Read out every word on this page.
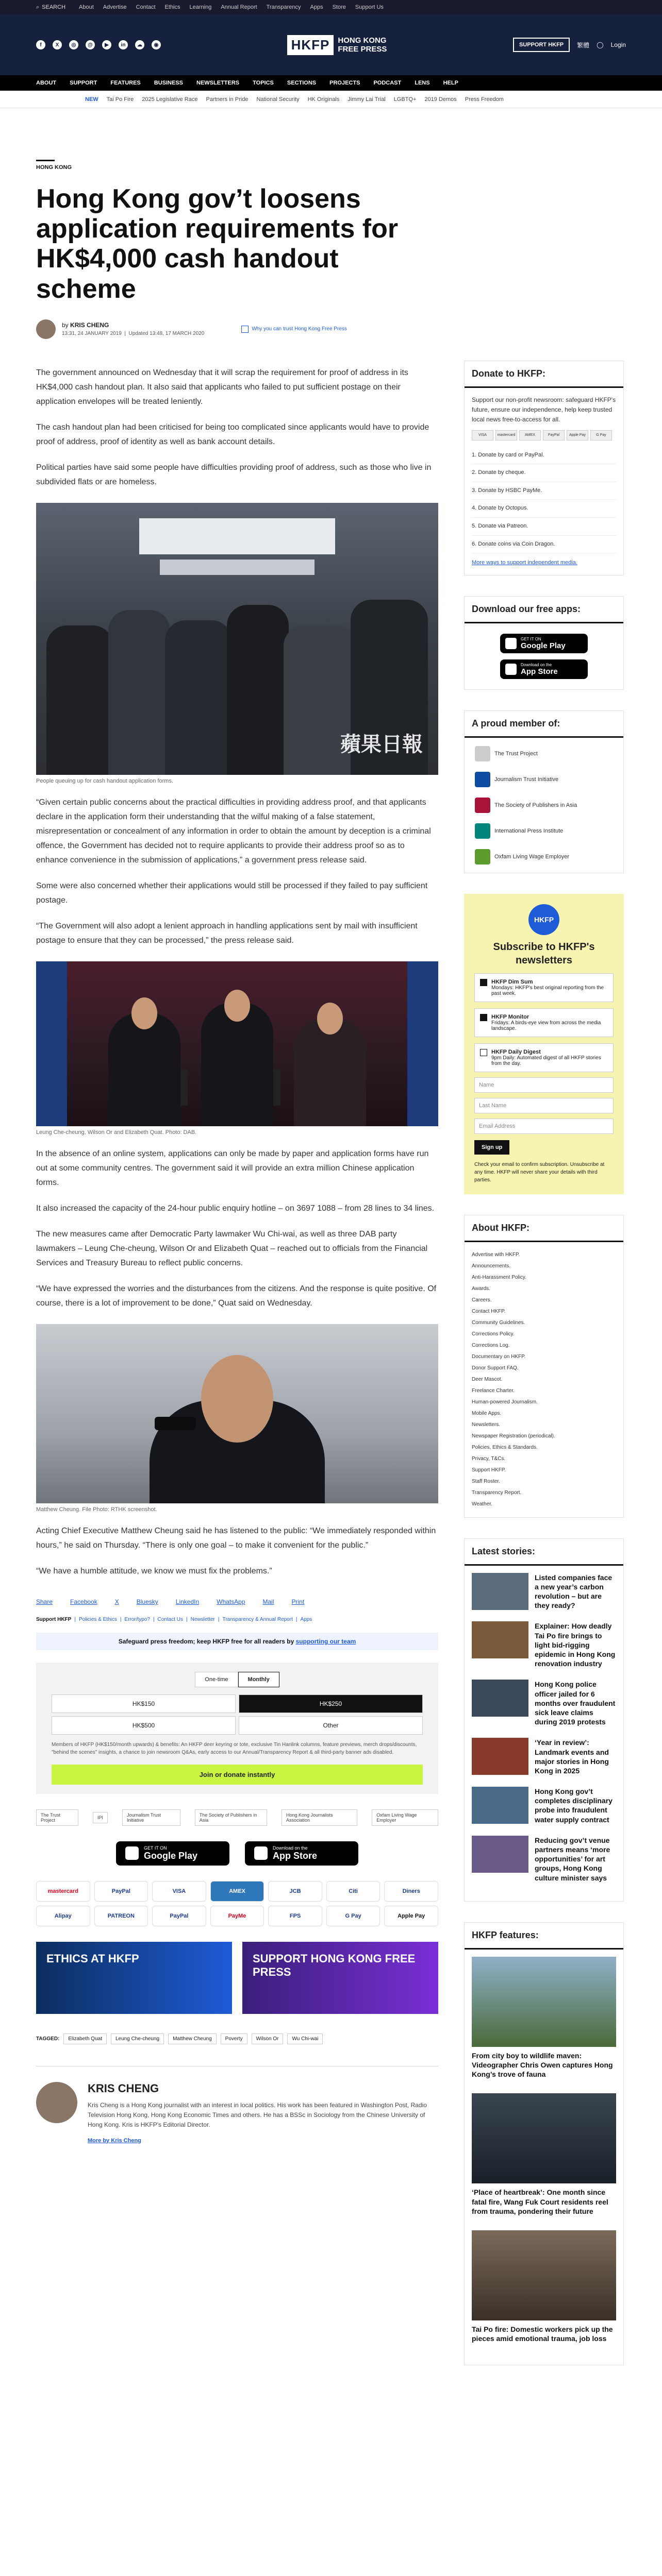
⌕ SEARCH About Advertise Contact Ethics Learning Annual Report Transparency Apps Store Support Us
f	X	◎	@	▶	in	☁	◉	HKFP	HONG KONG
FREE PRESS	SUPPORT HKFP	繁體 ◯ Login
ABOUT SUPPORT FEATURES BUSINESS NEWSLETTERS TOPICS SECTIONS PROJECTS PODCAST LENS HELP
NEW Tai Po Fire 2025 Legislative Race Partners in Pride National Security HK Originals Jimmy Lai Trial LGBTQ+ 2019 Demos Press Freedom
HONG KONG
Hong Kong gov’t loosens application requirements for HK$4,000 cash handout scheme
by KRIS CHENG
13:31, 24 JANUARY 2019  |  Updated 13:48, 17 MARCH 2020
Why you can trust Hong Kong Free Press

The government announced on Wednesday that it will scrap the requirement for proof of address in its HK$4,000 cash handout plan. It also said that applicants who failed to put sufficient postage on their application envelopes will be treated leniently.

The cash handout plan had been criticised for being too complicated since applicants would have to provide proof of address, proof of identity as well as bank account details.

Political parties have said some people have difficulties providing proof of address, such as those who live in subdivided flats or are homeless.

蘋果日報
People queuing up for cash handout application forms.

“Given certain public concerns about the practical difficulties in providing address proof, and that applicants declare in the application form their understanding that the wilful making of a false statement, misrepresentation or concealment of any information in order to obtain the amount by deception is a criminal offence, the Government has decided not to require applicants to provide their address proof so as to enhance convenience in the submission of applications,” a government press release said.

Some were also concerned whether their applications would still be processed if they failed to pay sufficient postage.

“The Government will also adopt a lenient approach in handling applications sent by mail with insufficient postage to ensure that they can be processed,” the press release said.

Leung Che-cheung, Wilson Or and Elizabeth Quat. Photo: DAB.

In the absence of an online system, applications can only be made by paper and application forms have run out at some community centres. The government said it will provide an extra million Chinese application forms.

It also increased the capacity of the 24-hour public enquiry hotline – on 3697 1088 – from 28 lines to 34 lines.

The new measures came after Democratic Party lawmaker Wu Chi-wai, as well as three DAB party lawmakers – Leung Che-cheung, Wilson Or and Elizabeth Quat – reached out to officials from the Financial Services and Treasury Bureau to reflect public concerns.

“We have expressed the worries and the disturbances from the citizens. And the response is quite positive. Of course, there is a lot of improvement to be done,” Quat said on Wednesday.

Matthew Cheung. File Photo: RTHK screenshot.

Acting Chief Executive Matthew Cheung said he has listened to the public: “We immediately responded within hours,” he said on Thursday. “There is only one goal – to make it convenient for the public.”

“We have a humble attitude, we know we must fix the problems.”

Share	Facebook	X	Bluesky	LinkedIn	WhatsApp	Mail	Print
Support HKFP | Policies & Ethics | Error/typo? | Contact Us | Newsletter | Transparency & Annual Report | Apps
Safeguard press freedom; keep HKFP free for all readers by supporting our team
One-time	Monthly
HK$150	HK$250
HK$500	Other
Members of HKFP (HK$150/month upwards) & benefits: An HKFP deer keyring or tote, exclusive Tin Hanlink columns, feature previews, merch drops/discounts, "behind the scenes" insights, a chance to join newsroom Q&As, early access to our Annual/Transparency Report & all third-party banner ads disabled.
Join or donate instantly
The Trust Project	IPI	Journalism Trust Initiative
The Society of Publishers in Asia
Hong Kong Journalists Association
Oxfam Living Wage Employer
GET IT ON
Google Play
Download on the
App Store
mastercard	PayPal	VISA	AMEX	JCB	Citi	Diners
Alipay	PATREON	PayPal	PayMe	FPS	G Pay	Apple Pay
ETHICS AT HKFP	SUPPORT HONG KONG FREE PRESS
TAGGED:	Elizabeth Quat	Leung Che-cheung	Matthew Cheung	Poverty	Wilson Or	Wu Chi-wai
KRIS CHENG

Kris Cheng is a Hong Kong journalist with an interest in local politics. His work has been featured in Washington Post, Radio Television Hong Kong, Hong Kong Economic Times and others. He has a BSSc in Sociology from the Chinese University of Hong Kong. Kris is HKFP's Editorial Director.

More by Kris Cheng
Donate to HKFP:
Support our non-profit newsroom: safeguard HKFP's future, ensure our independence, help keep trusted local news free-to-access for all.
VISA	mastercard	AMEX	PayPal	Apple Pay	G Pay
1. Donate by card or PayPal.
2. Donate by cheque.
3. Donate by HSBC PayMe.
4. Donate by Octopus.
5. Donate via Patreon.
6. Donate coins via Coin Dragon.
More ways to support independent media.
Download our free apps:
GET IT ON
Google Play
Download on the
App Store
A proud member of:
The Trust Project
Journalism Trust Initiative
The Society of Publishers in Asia
International Press Institute
Oxfam Living Wage Employer
HKFP
Subscribe to HKFP's newsletters
HKFP Dim Sum
Mondays: HKFP's best original reporting from the past week.
HKFP Monitor
Fridays: A birds-eye view from across the media landscape.
HKFP Daily Digest
9pm Daily: Automated digest of all HKFP stories from the day.
Name
Last Name
Email Address
Sign up
Check your email to confirm subscription. Unsubscribe at any time. HKFP will never share your details with third parties.
About HKFP:
Advertise with HKFP.
Announcements.
Anti-Harassment Policy.
Awards.
Careers.
Contact HKFP.
Community Guidelines.
Corrections Policy.
Corrections Log.
Documentary on HKFP.
Donor Support FAQ.
Deer Mascot.
Freelance Charter.
Human-powered Journalism.
Mobile Apps.
Newsletters.
Newspaper Registration (periodical).
Policies, Ethics & Standards.
Privacy, T&Cs.
Support HKFP.
Staff Roster.
Transparency Report.
Weather.
Latest stories:
Listed companies face a new year’s carbon revolution – but are they ready?
Explainer: How deadly Tai Po fire brings to light bid-rigging epidemic in Hong Kong renovation industry
Hong Kong police officer jailed for 6 months over fraudulent sick leave claims during 2019 protests
‘Year in review’: Landmark events and major stories in Hong Kong in 2025
Hong Kong gov’t completes disciplinary probe into fraudulent water supply contract
Reducing gov’t venue partners means ‘more opportunities’ for art groups, Hong Kong culture minister says
HKFP features:
From city boy to wildlife maven: Videographer Chris Owen captures Hong Kong’s trove of fauna
‘Place of heartbreak’: One month since fatal fire, Wang Fuk Court residents reel from trauma, pondering their future
Tai Po fire: Domestic workers pick up the pieces amid emotional trauma, job loss
